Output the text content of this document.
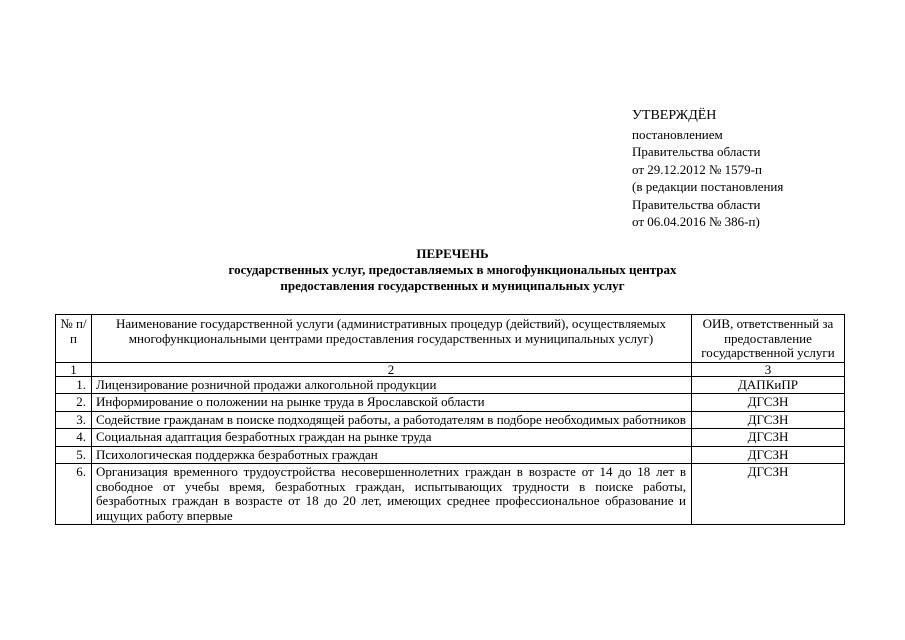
УТВЕРЖДЁН
постановлением
Правительства области
от 29.12.2012 № 1579-п
(в редакции постановления
Правительства области
от 06.04.2016 № 386-п)
ПЕРЕЧЕНЬ
государственных услуг, предоставляемых в многофункциональных центрах
предоставления государственных и муниципальных услуг
№ п/п	Наименование государственной услуги (административных процедур (действий), осуществляемых многофункциональными центрами предоставления государственных и муниципальных услуг)	ОИВ, ответственный за предоставление государственной услуги
1	2	3
1.	Лицензирование розничной продажи алкогольной продукции	ДАПКиПР
2.	Информирование о положении на рынке труда в Ярославской области	ДГСЗН
3.	Содействие гражданам в поиске подходящей работы, а работодателям в подборе необходимых работников	ДГСЗН
4.	Социальная адаптация безработных граждан на рынке труда	ДГСЗН
5.	Психологическая поддержка безработных граждан	ДГСЗН
6.	Организация временного трудоустройства несовершеннолетних граждан в возрасте от 14 до 18 лет в свободное от учебы время, безработных граждан, испытывающих трудности в поиске работы, безработных граждан в возрасте от 18 до 20 лет, имеющих среднее профессиональное образование и ищущих работу впервые	ДГСЗН
